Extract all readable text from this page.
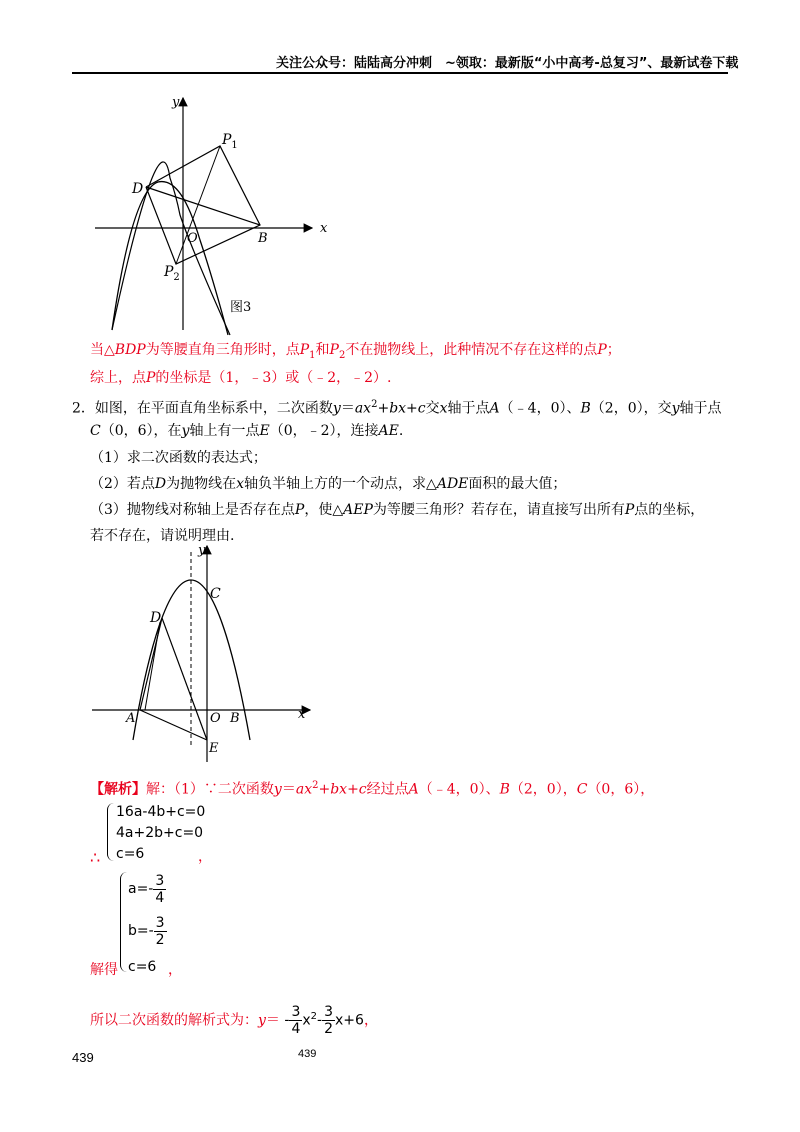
关注公众号：陆陆高分冲刺　~领取：最新版“小中高考-总复习”、最新试卷下载
y
x
$P_1$
D
O	B
$P_2$
图3
当△BDP为等腰直角三角形时，点$P_1$和$P_2$不在抛物线上，此种情况不存在这样的点P；
综上，点P的坐标是（1，﹣3）或（﹣2，﹣2）.
2．如图，在平面直角坐标系中，二次函数$y=ax^2+bx+c$交x轴于点A（﹣4，0）、B（2，0），交y轴于点
C（0，6），在y轴上有一点E（0，﹣2），连接AE.
（1）求二次函数的表达式；
（2）若点D为抛物线在x轴负半轴上方的一个动点，求△ADE面积的最大值；
（3）抛物线对称轴上是否存在点P，使△AEP为等腰三角形？若存在，请直接写出所有P点的坐标，
若不存在，请说明理由.
y
x
C
D
A	O B
E
【解析】解：（1）∵二次函数$y=ax^2+bx+c$经过点A（﹣4，0）、B（2，0），C（0，6），
16a-4b+c=0
4a+2b+c=0
c=6
∴	，
$a=- \frac{3}{4}$
$b=- \frac{3}{2}$
c=6
解得	，
所以二次函数的解析式为：$y= - \frac{3}{4} x^2- \frac{3}{2} x+6$，
439	439
